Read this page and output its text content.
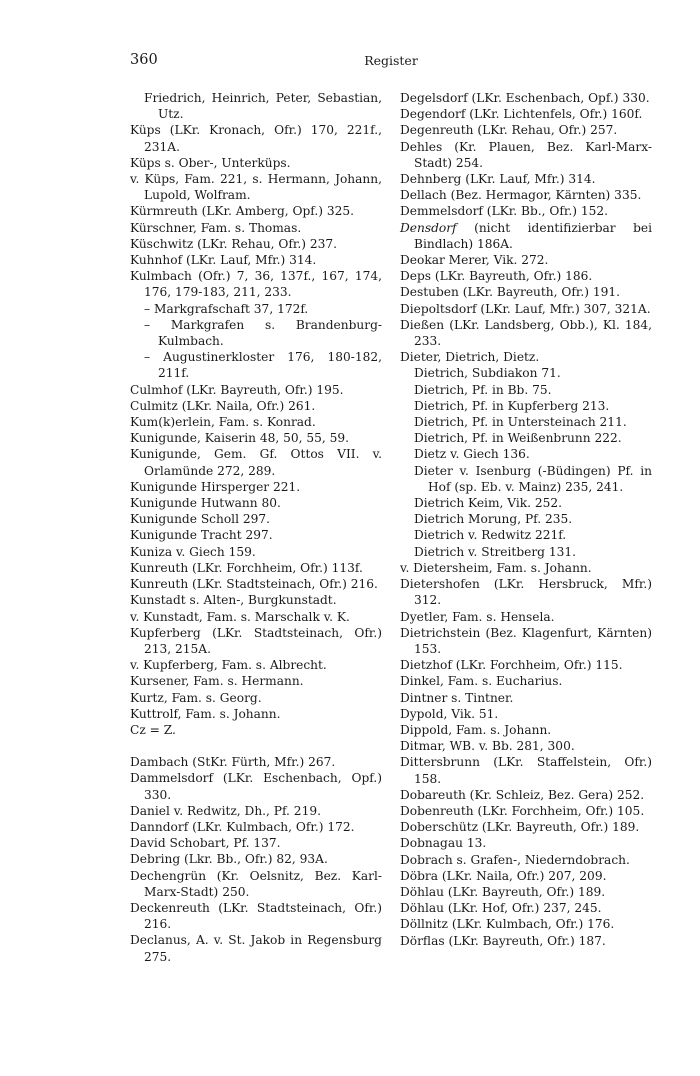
360	Register

Friedrich, Heinrich, Peter, Sebastian, Utz.

Küps (LKr. Kronach, Ofr.) 170, 221f., 231A.

Küps s. Ober-, Unterküps.

v. Küps, Fam. 221, s. Hermann, Johann, Lupold, Wolfram.

Kürmreuth (LKr. Amberg, Opf.) 325.

Kürschner, Fam. s. Thomas.

Küschwitz (LKr. Rehau, Ofr.) 237.

Kuhnhof (LKr. Lauf, Mfr.) 314.

Kulmbach (Ofr.) 7, 36, 137f., 167, 174, 176, 179-183, 211, 233.

– Markgrafschaft 37, 172f.

– Markgrafen s. Brandenburg-Kulmbach.

– Augustinerkloster 176, 180-182, 211f.

Culmhof (LKr. Bayreuth, Ofr.) 195.

Culmitz (LKr. Naila, Ofr.) 261.

Kum(k)erlein, Fam. s. Konrad.

Kunigunde, Kaiserin 48, 50, 55, 59.

Kunigunde, Gem. Gf. Ottos VII. v. Orlamünde 272, 289.

Kunigunde Hirsperger 221.

Kunigunde Hutwann 80.

Kunigunde Scholl 297.

Kunigunde Tracht 297.

Kuniza v. Giech 159.

Kunreuth (LKr. Forchheim, Ofr.) 113f.

Kunreuth (LKr. Stadtsteinach, Ofr.) 216.

Kunstadt s. Alten-, Burgkunstadt.

v. Kunstadt, Fam. s. Marschalk v. K.

Kupferberg (LKr. Stadtsteinach, Ofr.) 213, 215A.

v. Kupferberg, Fam. s. Albrecht.

Kursener, Fam. s. Hermann.

Kurtz, Fam. s. Georg.

Kuttrolf, Fam. s. Johann.

Cz = Z.

Dambach (StKr. Fürth, Mfr.) 267.

Dammelsdorf (LKr. Eschenbach, Opf.) 330.

Daniel v. Redwitz, Dh., Pf. 219.

Danndorf (LKr. Kulmbach, Ofr.) 172.

David Schobart, Pf. 137.

Debring (Lkr. Bb., Ofr.) 82, 93A.

Dechengrün (Kr. Oelsnitz, Bez. Karl-Marx-Stadt) 250.

Deckenreuth (LKr. Stadtsteinach, Ofr.) 216.

Declanus, A. v. St. Jakob in Regensburg 275.

Degelsdorf (LKr. Eschenbach, Opf.) 330.

Degendorf (LKr. Lichtenfels, Ofr.) 160f.

Degenreuth (LKr. Rehau, Ofr.) 257.

Dehles (Kr. Plauen, Bez. Karl-Marx-Stadt) 254.

Dehnberg (LKr. Lauf, Mfr.) 314.

Dellach (Bez. Hermagor, Kärnten) 335.

Demmelsdorf (LKr. Bb., Ofr.) 152.

Densdorf (nicht identifizierbar bei Bindlach) 186A.

Deokar Merer, Vik. 272.

Deps (LKr. Bayreuth, Ofr.) 186.

Destuben (LKr. Bayreuth, Ofr.) 191.

Diepoltsdorf (LKr. Lauf, Mfr.) 307, 321A.

Dießen (LKr. Landsberg, Obb.), Kl. 184, 233.

Dieter, Dietrich, Dietz.

Dietrich, Subdiakon 71.

Dietrich, Pf. in Bb. 75.

Dietrich, Pf. in Kupferberg 213.

Dietrich, Pf. in Untersteinach 211.

Dietrich, Pf. in Weißenbrunn 222.

Dietz v. Giech 136.

Dieter v. Isenburg (-Büdingen) Pf. in Hof (sp. Eb. v. Mainz) 235, 241.

Dietrich Keim, Vik. 252.

Dietrich Morung, Pf. 235.

Dietrich v. Redwitz 221f.

Dietrich v. Streitberg 131.

v. Dietersheim, Fam. s. Johann.

Dietershofen (LKr. Hersbruck, Mfr.) 312.

Dyetler, Fam. s. Hensela.

Dietrichstein (Bez. Klagenfurt, Kärnten) 153.

Dietzhof (LKr. Forchheim, Ofr.) 115.

Dinkel, Fam. s. Eucharius.

Dintner s. Tintner.

Dypold, Vik. 51.

Dippold, Fam. s. Johann.

Ditmar, WB. v. Bb. 281, 300.

Dittersbrunn (LKr. Staffelstein, Ofr.) 158.

Dobareuth (Kr. Schleiz, Bez. Gera) 252.

Dobenreuth (LKr. Forchheim, Ofr.) 105.

Doberschütz (LKr. Bayreuth, Ofr.) 189.

Dobnagau 13.

Dobrach s. Grafen-, Niederndobrach.

Döbra (LKr. Naila, Ofr.) 207, 209.

Döhlau (LKr. Bayreuth, Ofr.) 189.

Döhlau (LKr. Hof, Ofr.) 237, 245.

Döllnitz (LKr. Kulmbach, Ofr.) 176.

Dörflas (LKr. Bayreuth, Ofr.) 187.
